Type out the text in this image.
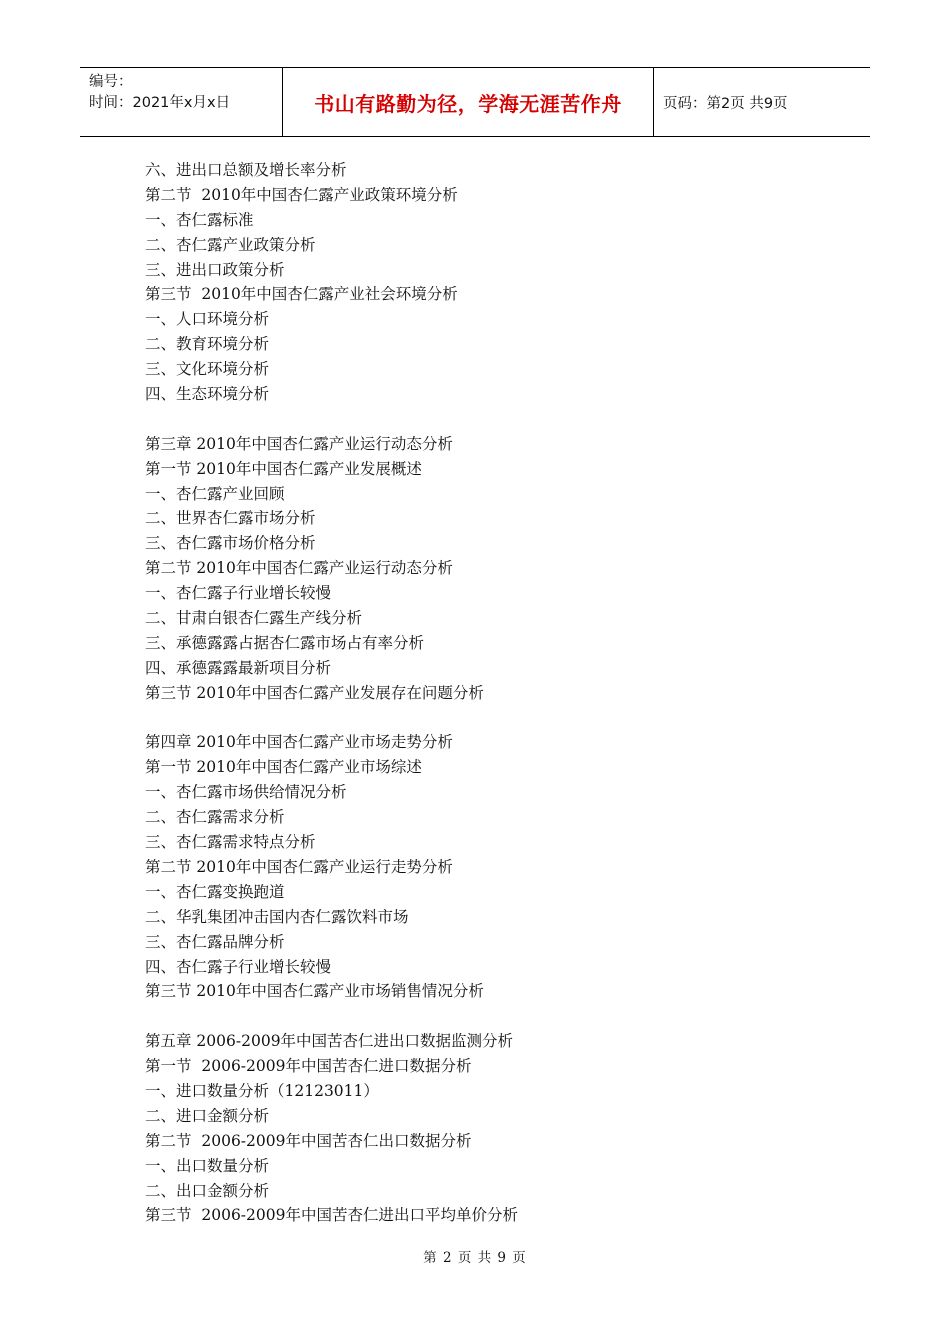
编号：
时间：2021年x月x日	书山有路勤为径，学海无涯苦作舟	页码：第2页 共9页
六、进出口总额及增长率分析
第二节  2010年中国杏仁露产业政策环境分析
一、杏仁露标准
二、杏仁露产业政策分析
三、进出口政策分析
第三节  2010年中国杏仁露产业社会环境分析
一、人口环境分析
二、教育环境分析
三、文化环境分析
四、生态环境分析
第三章 2010年中国杏仁露产业运行动态分析
第一节 2010年中国杏仁露产业发展概述
一、杏仁露产业回顾
二、世界杏仁露市场分析
三、杏仁露市场价格分析
第二节 2010年中国杏仁露产业运行动态分析
一、杏仁露子行业增长较慢
二、甘肃白银杏仁露生产线分析
三、承德露露占据杏仁露市场占有率分析
四、承德露露最新项目分析
第三节 2010年中国杏仁露产业发展存在问题分析
第四章 2010年中国杏仁露产业市场走势分析
第一节 2010年中国杏仁露产业市场综述
一、杏仁露市场供给情况分析
二、杏仁露需求分析
三、杏仁露需求特点分析
第二节 2010年中国杏仁露产业运行走势分析
一、杏仁露变换跑道
二、华乳集团冲击国内杏仁露饮料市场
三、杏仁露品牌分析
四、杏仁露子行业增长较慢
第三节 2010年中国杏仁露产业市场销售情况分析
第五章 2006-2009年中国苦杏仁进出口数据监测分析
第一节  2006-2009年中国苦杏仁进口数据分析
一、进口数量分析（12123011）
二、进口金额分析
第二节  2006-2009年中国苦杏仁出口数据分析
一、出口数量分析
二、出口金额分析
第三节  2006-2009年中国苦杏仁进出口平均单价分析
第 2 页 共 9 页
